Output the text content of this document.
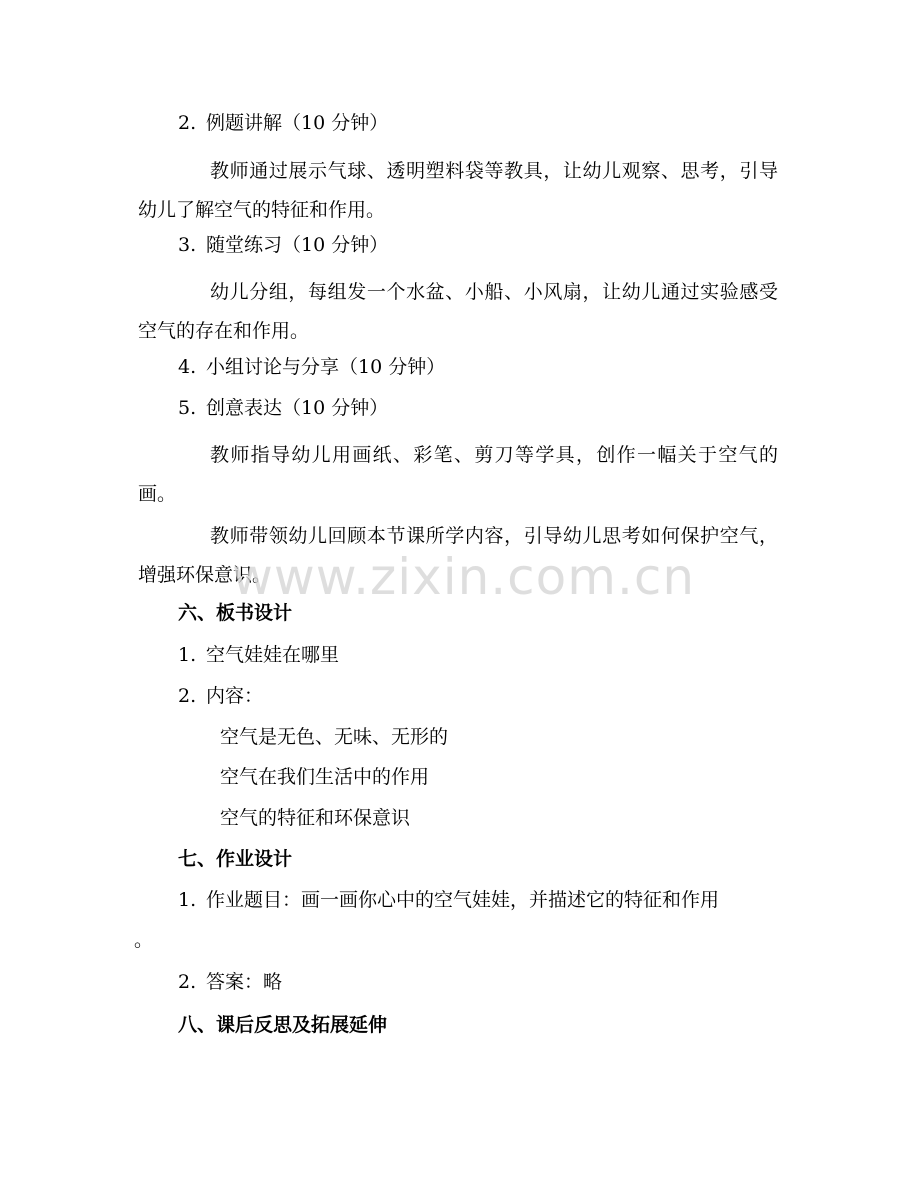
2. 例题讲解（10 分钟）
教师通过展示气球、透明塑料袋等教具，让幼儿观察、思考，引导幼儿了解空气的特征和作用。
3. 随堂练习（10 分钟）
幼儿分组，每组发一个水盆、小船、小风扇，让幼儿通过实验感受空气的存在和作用。
4. 小组讨论与分享（10 分钟）
5. 创意表达（10 分钟）
教师指导幼儿用画纸、彩笔、剪刀等学具，创作一幅关于空气的画。
教师带领幼儿回顾本节课所学内容，引导幼儿思考如何保护空气，增强环保意识。
六、板书设计
1. 空气娃娃在哪里
2. 内容：
空气是无色、无味、无形的
空气在我们生活中的作用
空气的特征和环保意识
七、作业设计
1. 作业题目：画一画你心中的空气娃娃，并描述它的特征和作用
。
2. 答案：略
八、课后反思及拓展延伸
www.zixin.com.cn
